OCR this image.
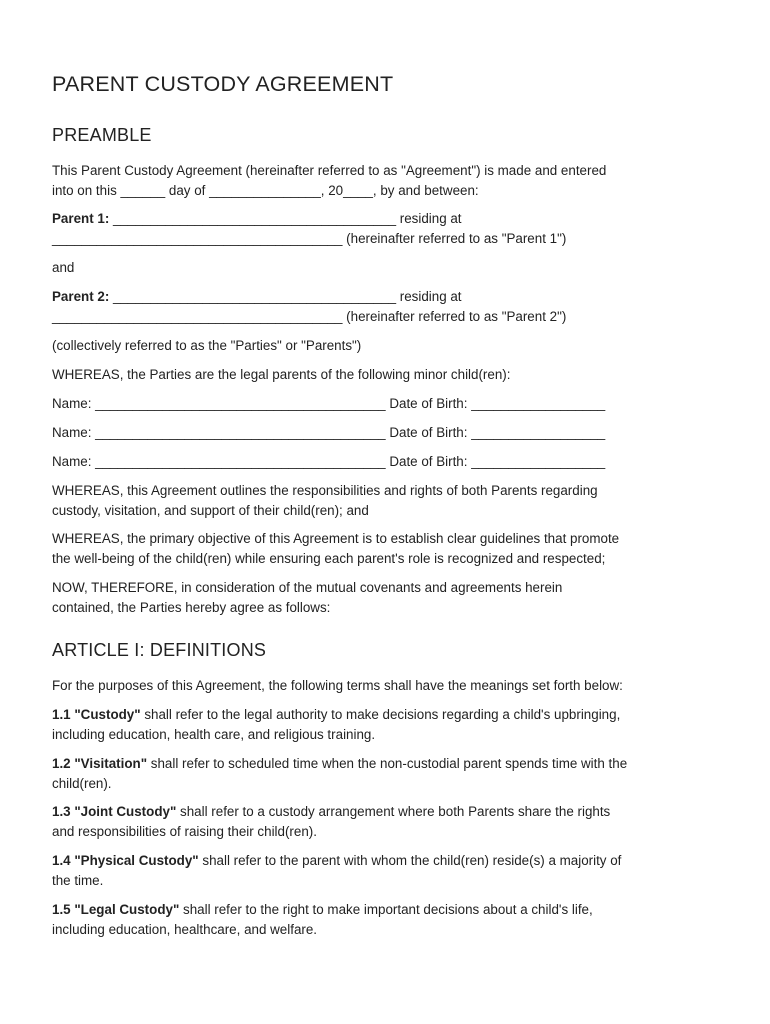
PARENT CUSTODY AGREEMENT
PREAMBLE

This Parent Custody Agreement (hereinafter referred to as "Agreement") is made and entered
into on this ______ day of _______________, 20____, by and between:

Parent 1: ______________________________________ residing at
_______________________________________ (hereinafter referred to as "Parent 1")

and

Parent 2: ______________________________________ residing at
_______________________________________ (hereinafter referred to as "Parent 2")

(collectively referred to as the "Parties" or "Parents")

WHEREAS, the Parties are the legal parents of the following minor child(ren):

Name: _______________________________________ Date of Birth: __________________

Name: _______________________________________ Date of Birth: __________________

Name: _______________________________________ Date of Birth: __________________

WHEREAS, this Agreement outlines the responsibilities and rights of both Parents regarding
custody, visitation, and support of their child(ren); and

WHEREAS, the primary objective of this Agreement is to establish clear guidelines that promote
the well-being of the child(ren) while ensuring each parent's role is recognized and respected;

NOW, THEREFORE, in consideration of the mutual covenants and agreements herein
contained, the Parties hereby agree as follows:

ARTICLE I: DEFINITIONS

For the purposes of this Agreement, the following terms shall have the meanings set forth below:

1.1 "Custody" shall refer to the legal authority to make decisions regarding a child's upbringing,
including education, health care, and religious training.

1.2 "Visitation" shall refer to scheduled time when the non-custodial parent spends time with the
child(ren).

1.3 "Joint Custody" shall refer to a custody arrangement where both Parents share the rights
and responsibilities of raising their child(ren).

1.4 "Physical Custody" shall refer to the parent with whom the child(ren) reside(s) a majority of
the time.

1.5 "Legal Custody" shall refer to the right to make important decisions about a child's life,
including education, healthcare, and welfare.
